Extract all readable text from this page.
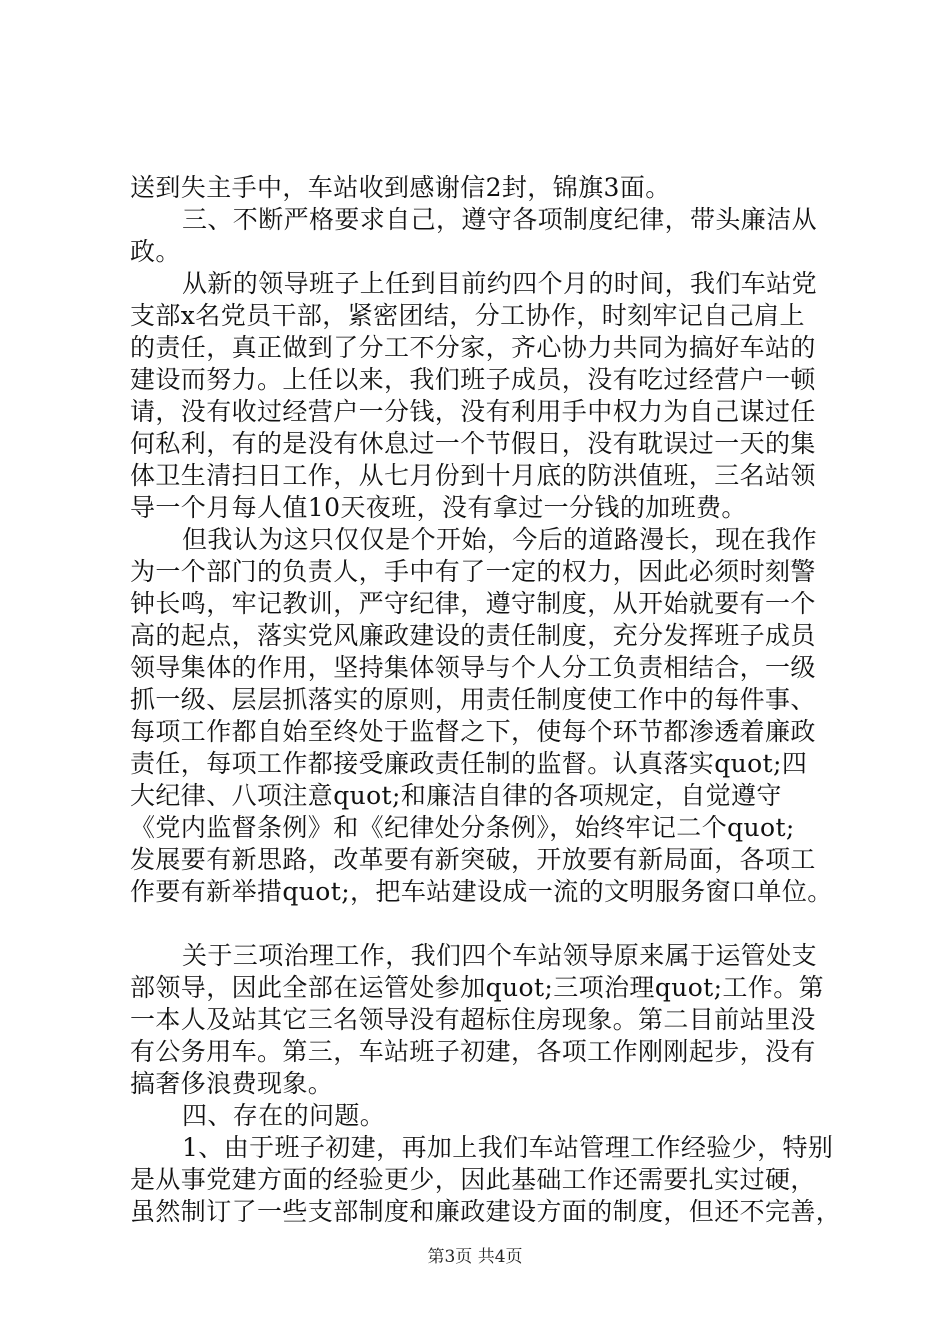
送到失主手中，车站收到感谢信2封，锦旗3面。
三、不断严格要求自己，遵守各项制度纪律，带头廉洁从
政。
从新的领导班子上任到目前约四个月的时间，我们车站党
支部x名党员干部，紧密团结，分工协作，时刻牢记自己肩上
的责任，真正做到了分工不分家，齐心协力共同为搞好车站的
建设而努力。上任以来，我们班子成员，没有吃过经营户一顿
请，没有收过经营户一分钱，没有利用手中权力为自己谋过任
何私利，有的是没有休息过一个节假日，没有耽误过一天的集
体卫生清扫日工作，从七月份到十月底的防洪值班，三名站领
导一个月每人值10天夜班，没有拿过一分钱的加班费。
但我认为这只仅仅是个开始，今后的道路漫长，现在我作
为一个部门的负责人，手中有了一定的权力，因此必须时刻警
钟长鸣，牢记教训，严守纪律，遵守制度，从开始就要有一个
高的起点，落实党风廉政建设的责任制度，充分发挥班子成员
领导集体的作用，坚持集体领导与个人分工负责相结合，一级
抓一级、层层抓落实的原则，用责任制度使工作中的每件事、
每项工作都自始至终处于监督之下，使每个环节都渗透着廉政
责任，每项工作都接受廉政责任制的监督。认真落实quot;四
大纪律、八项注意quot;和廉洁自律的各项规定，自觉遵守
《党内监督条例》和《纪律处分条例》，始终牢记二个quot;
发展要有新思路，改革要有新突破，开放要有新局面，各项工
作要有新举措quot;，把车站建设成一流的文明服务窗口单位。
关于三项治理工作，我们四个车站领导原来属于运管处支
部领导，因此全部在运管处参加quot;三项治理quot;工作。第
一本人及站其它三名领导没有超标住房现象。第二目前站里没
有公务用车。第三，车站班子初建，各项工作刚刚起步，没有
搞奢侈浪费现象。
四、存在的问题。
1、由于班子初建，再加上我们车站管理工作经验少，特别
是从事党建方面的经验更少，因此基础工作还需要扎实过硬，
虽然制订了一些支部制度和廉政建设方面的制度，但还不完善，
第3页 共4页
